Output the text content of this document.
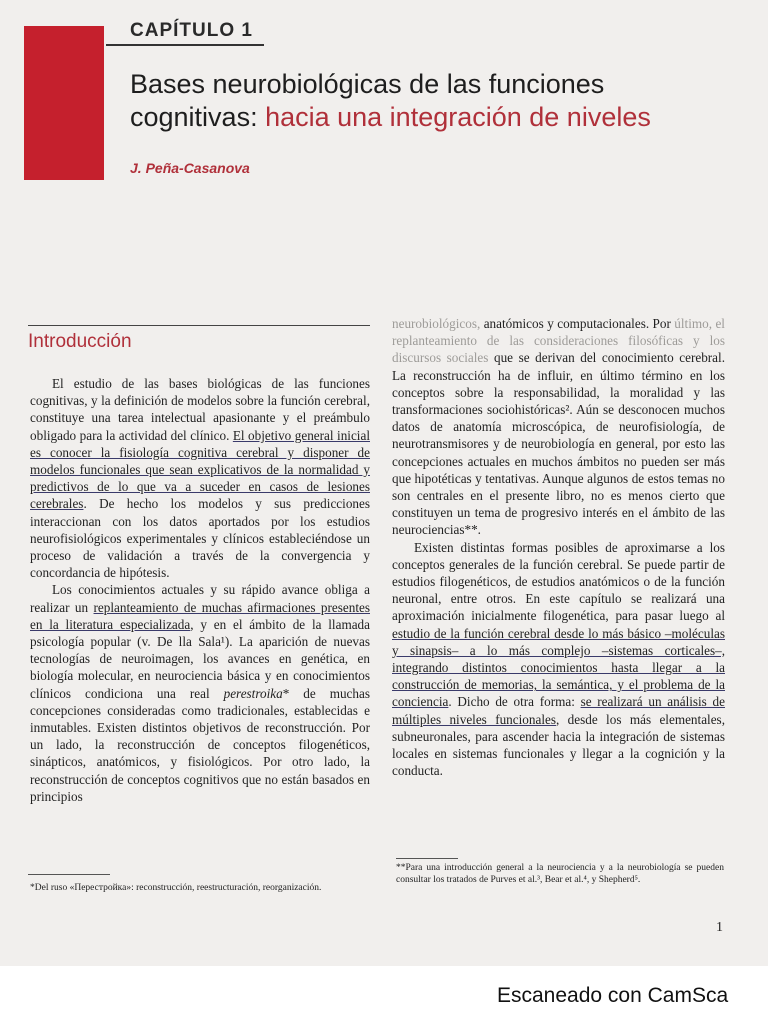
CAPÍTULO 1
Bases neurobiológicas de las funciones
cognitivas: hacia una integración de niveles
J. Peña-Casanova
Introducción

El estudio de las bases biológicas de las funciones cognitivas, y la definición de modelos sobre la función cerebral, constituye una tarea intelectual apasionante y el preámbulo obligado para la actividad del clínico. El objetivo general inicial es conocer la fisiología cognitiva cerebral y disponer de modelos funcionales que sean explicativos de la normalidad y predictivos de lo que va a suceder en casos de lesiones cerebrales. De hecho los modelos y sus predicciones interaccionan con los datos aportados por los estudios neurofisiológicos experimentales y clínicos estableciéndose un proceso de validación a través de la convergencia y concordancia de hipótesis.

Los conocimientos actuales y su rápido avance obliga a realizar un replanteamiento de muchas afirmaciones presentes en la literatura especializada, y en el ámbito de la llamada psicología popular (v. De lla Sala¹). La aparición de nuevas tecnologías de neuroimagen, los avances en genética, en biología molecular, en neurociencia básica y en conocimientos clínicos condiciona una real perestroika* de muchas concepciones consideradas como tradicionales, establecidas e inmutables. Existen distintos objetivos de reconstrucción. Por un lado, la reconstrucción de conceptos filogenéticos, sinápticos, anatómicos, y fisiológicos. Por otro lado, la reconstrucción de conceptos cognitivos que no están basados en principios

neurobiológicos, anatómicos y computacionales. Por último, el replanteamiento de las consideraciones filosóficas y los discursos sociales que se derivan del conocimiento cerebral. La reconstrucción ha de influir, en último término en los conceptos sobre la responsabilidad, la moralidad y las transformaciones sociohistóricas². Aún se desconocen muchos datos de anatomía microscópica, de neurofisiología, de neurotransmisores y de neurobiología en general, por esto las concepciones actuales en muchos ámbitos no pueden ser más que hipotéticas y tentativas. Aunque algunos de estos temas no son centrales en el presente libro, no es menos cierto que constituyen un tema de progresivo interés en el ámbito de las neurociencias**.

Existen distintas formas posibles de aproximarse a los conceptos generales de la función cerebral. Se puede partir de estudios filogenéticos, de estudios anatómicos o de la función neuronal, entre otros. En este capítulo se realizará una aproximación inicialmente filogenética, para pasar luego al estudio de la función cerebral desde lo más básico –moléculas y sinapsis– a lo más complejo –sistemas corticales–, integrando distintos conocimientos hasta llegar a la construcción de memorias, la semántica, y el problema de la conciencia. Dicho de otra forma: se realizará un análisis de múltiples niveles funcionales, desde los más elementales, subneuronales, para ascender hacia la integración de sistemas locales en sistemas funcionales y llegar a la cognición y la conducta.

*Del ruso «Перестройка»: reconstrucción, reestructuración, reorganización.
**Para una introducción general a la neurociencia y a la neurobiología se pueden consultar los tratados de Purves et al.³, Bear et al.⁴, y Shepherd⁵.
1
Escaneado con CamSca
